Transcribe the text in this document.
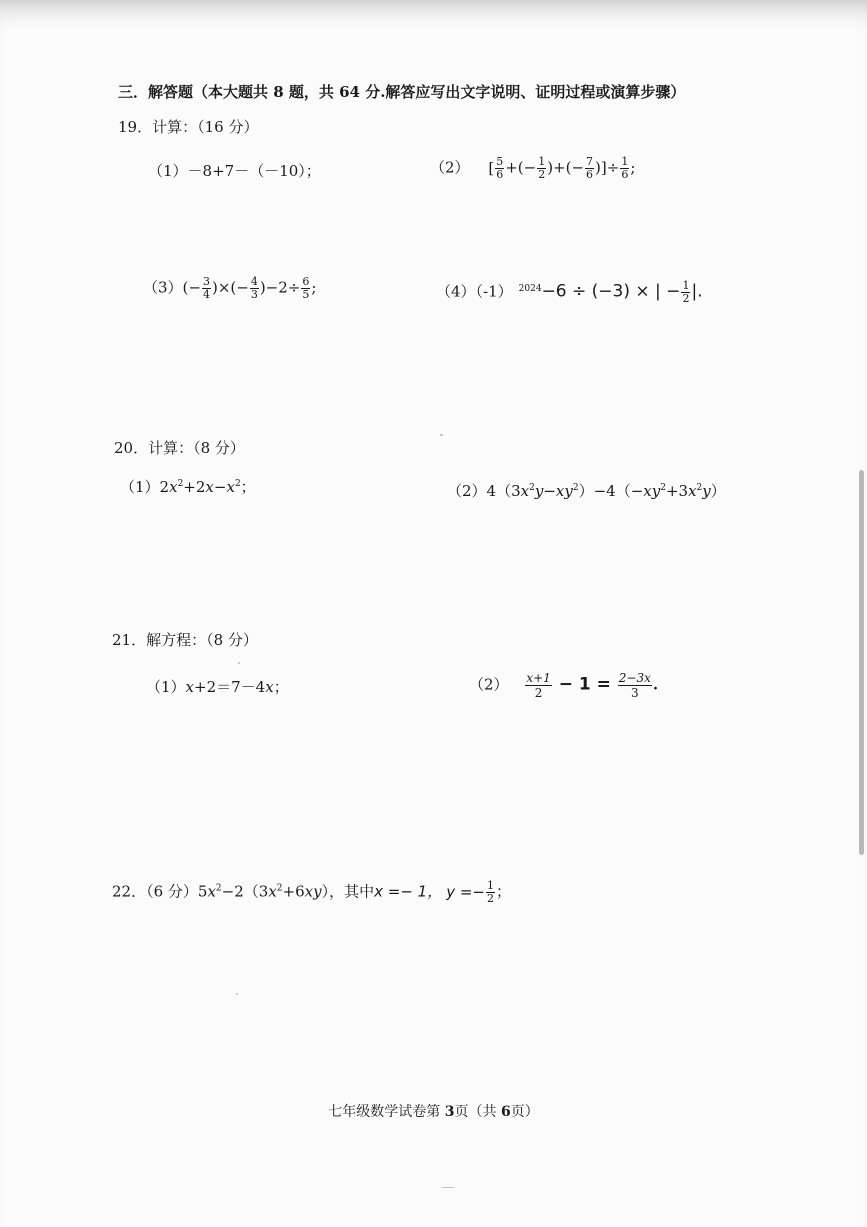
三．解答题（本大题共 8 题，共 64 分.解答应写出文字说明、证明过程或演算步骤）
19．计算：（16 分）
（1）－8+7－（－10）；	（2） [ $\frac{5}{6}$ +(− $\frac{1}{2}$ )+(− $\frac{7}{6}$ )]÷ $\frac{1}{6}$ ;
$(3)(- \frac{3}{4}$ )×(− $\frac{4}{3} )-2\div \frac{6}{5}$ ;	（4）（-1） $^{2024}$−6 ÷ (−3) × | − $\frac{1}{2}$ |.
20．计算：（8 分）
$(1)2x^2+2x-x^2$；	$(2)4(3x^2y-xy^2)-4(-xy^2+3x^2y)$
21．解方程：（8 分）
（1）x+2＝7－4x；	$(2) \frac{x+1}{2} - 1 = \frac{2-3x}{3}$ .
22．（6 分）$5x^2-2(3x^2+6xy)$，其中x =− 1， $y =- \frac{1}{2}$ ；
七年级数学试卷第 3页（共 6页）
